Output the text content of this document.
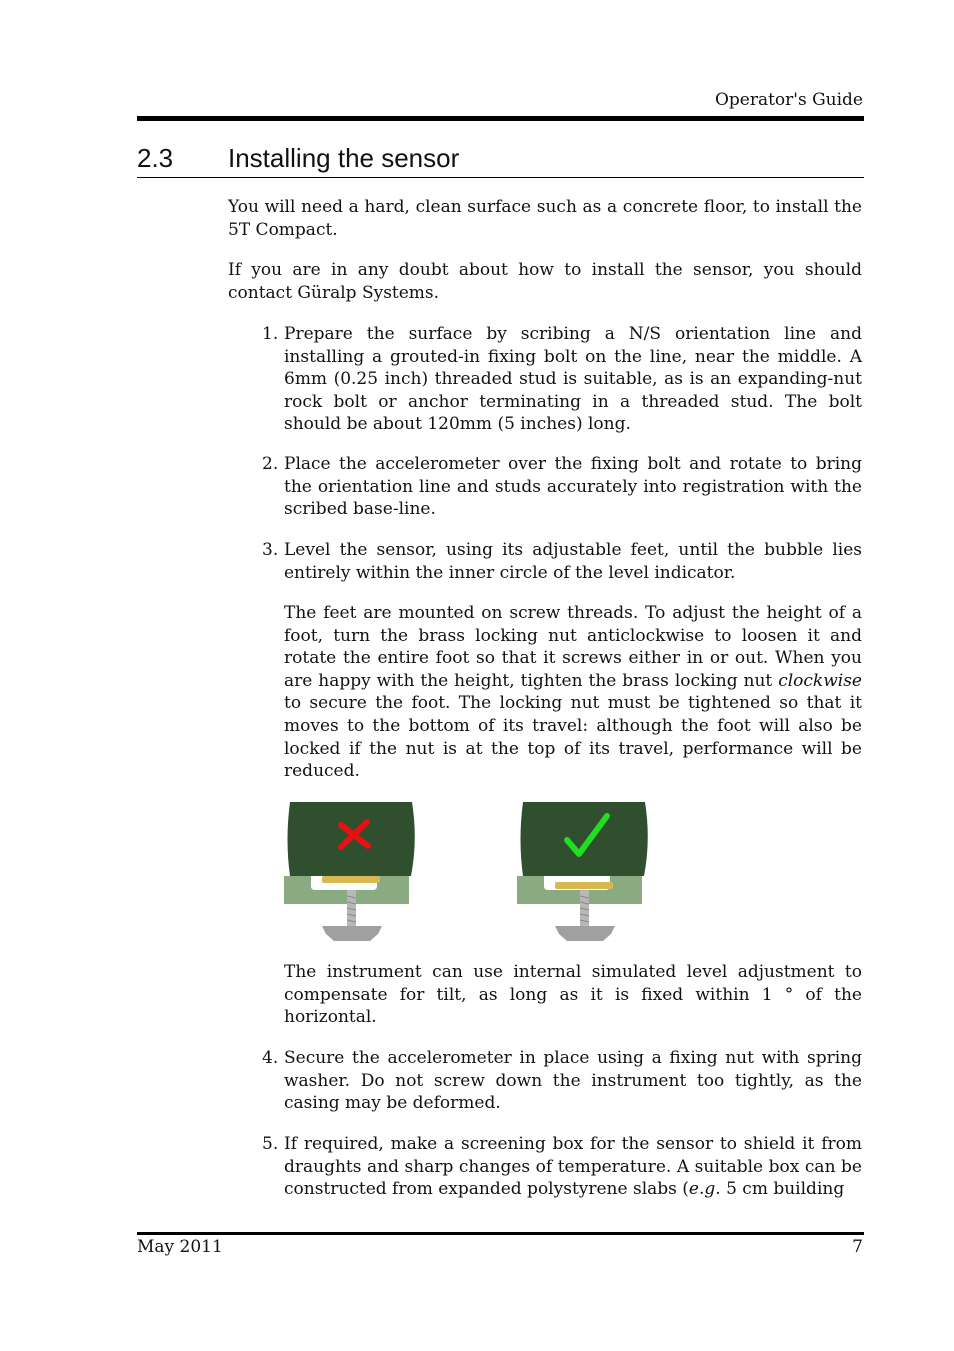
Operator's Guide
2.3 Installing the sensor

You will need a hard, clean surface such as a concrete floor, to install the 5T Compact.

If you are in any doubt about how to install the sensor, you should contact Güralp Systems.

1. Prepare the surface by scribing a N/S orientation line and installing a grouted-in fixing bolt on the line, near the middle. A 6mm (0.25 inch) threaded stud is suitable, as is an expanding-nut rock bolt or anchor terminating in a threaded stud. The bolt should be about 120mm (5 inches) long.

2. Place the accelerometer over the fixing bolt and rotate to bring the orientation line and studs accurately into registration with the scribed base-line.

3. Level the sensor, using its adjustable feet, until the bubble lies entirely within the inner circle of the level indicator.

The feet are mounted on screw threads. To adjust the height of a foot, turn the brass locking nut anticlockwise to loosen it and rotate the entire foot so that it screws either in or out. When you are happy with the height, tighten the brass locking nut clockwise to secure the foot. The locking nut must be tightened so that it moves to the bottom of its travel: although the foot will also be locked if the nut is at the top of its travel, performance will be reduced.

The instrument can use internal simulated level adjustment to compensate for tilt, as long as it is fixed within 1 ° of the horizontal.

4. Secure the accelerometer in place using a fixing nut with spring washer. Do not screw down the instrument too tightly, as the casing may be deformed.

5. If required, make a screening box for the sensor to shield it from draughts and sharp changes of temperature. A suitable box can be constructed from expanded polystyrene slabs (e.g. 5 cm building

May 2011	7
